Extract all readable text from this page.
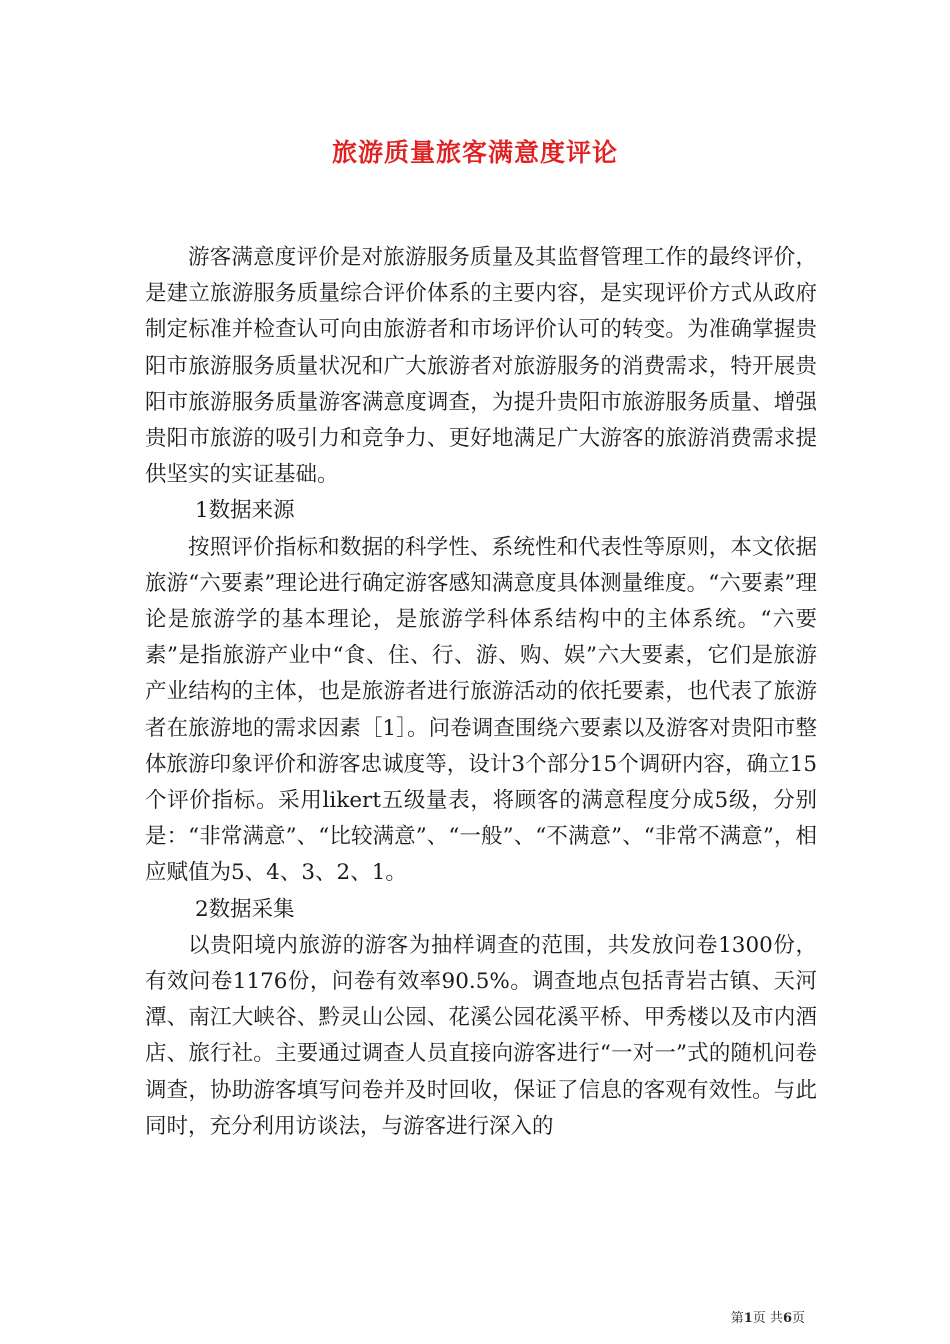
旅游质量旅客满意度评论

游客满意度评价是对旅游服务质量及其监督管理工作的最终评价，是建立旅游服务质量综合评价体系的主要内容，是实现评价方式从政府制定标准并检查认可向由旅游者和市场评价认可的转变。为准确掌握贵阳市旅游服务质量状况和广大旅游者对旅游服务的消费需求，特开展贵阳市旅游服务质量游客满意度调查，为提升贵阳市旅游服务质量、增强贵阳市旅游的吸引力和竞争力、更好地满足广大游客的旅游消费需求提供坚实的实证基础。

1数据来源

按照评价指标和数据的科学性、系统性和代表性等原则，本文依据旅游“六要素”理论进行确定游客感知满意度具体测量维度。“六要素”理论是旅游学的基本理论，是旅游学科体系结构中的主体系统。“六要素”是指旅游产业中“食、住、行、游、购、娱”六大要素，它们是旅游产业结构的主体，也是旅游者进行旅游活动的依托要素，也代表了旅游者在旅游地的需求因素［1］。问卷调查围绕六要素以及游客对贵阳市整体旅游印象评价和游客忠诚度等，设计3个部分15个调研内容，确立15个评价指标。采用likert五级量表，将顾客的满意程度分成5级，分别是：“非常满意”、“比较满意”、“一般”、“不满意”、“非常不满意”，相应赋值为5、4、3、2、1。

2数据采集

以贵阳境内旅游的游客为抽样调查的范围，共发放问卷1300份，有效问卷1176份，问卷有效率90.5%。调查地点包括青岩古镇、天河潭、南江大峡谷、黔灵山公园、花溪公园花溪平桥、甲秀楼以及市内酒店、旅行社。主要通过调查人员直接向游客进行“一对一”式的随机问卷调查，协助游客填写问卷并及时回收，保证了信息的客观有效性。与此同时，充分利用访谈法，与游客进行深入的

第1页 共6页
